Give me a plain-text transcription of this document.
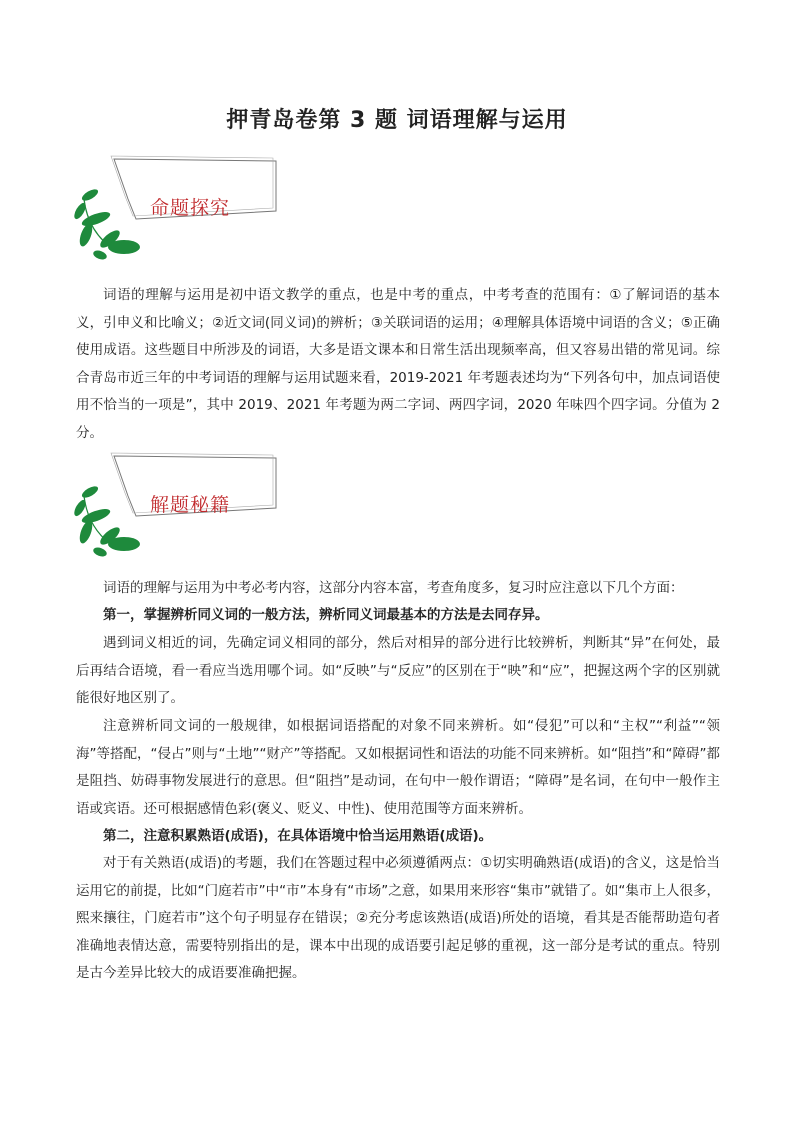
押青岛卷第 3 题 词语理解与运用
命题探究

词语的理解与运用是初中语文教学的重点，也是中考的重点，中考考查的范围有：①了解词语的基本义，引申义和比喻义；②近文词(同义词)的辨析；③关联词语的运用；④理解具体语境中词语的含义；⑤正确使用成语。这些题目中所涉及的词语，大多是语文课本和日常生活出现频率高，但又容易出错的常见词。综合青岛市近三年的中考词语的理解与运用试题来看，2019-2021 年考题表述均为“下列各句中，加点词语使用不恰当的一项是”，其中 2019、2021 年考题为两二字词、两四字词，2020 年味四个四字词。分值为 2 分。

解题秘籍

词语的理解与运用为中考必考内容，这部分内容本富，考查角度多，复习时应注意以下几个方面：

第一，掌握辨析同义词的一般方法，辨析同义词最基本的方法是去同存异。

遇到词义相近的词，先确定词义相同的部分，然后对相异的部分进行比较辨析，判断其“异”在何处，最后再结合语境，看一看应当选用哪个词。如“反映”与“反应”的区别在于“映”和“应”，把握这两个字的区别就能很好地区别了。

注意辨析同文词的一般规律，如根据词语搭配的对象不同来辨析。如“侵犯”可以和“主权”“利益”“领海”等搭配，“侵占”则与“土地”“财产”等搭配。又如根据词性和语法的功能不同来辨析。如“阻挡”和“障碍”都是阻挡、妨碍事物发展进行的意思。但“阻挡”是动词，在句中一般作谓语；“障碍”是名词，在句中一般作主语或宾语。还可根据感情色彩(褒义、贬义、中性)、使用范围等方面来辨析。

第二，注意积累熟语(成语)，在具体语境中恰当运用熟语(成语)。

对于有关熟语(成语)的考题，我们在答题过程中必须遵循两点：①切实明确熟语(成语)的含义，这是恰当运用它的前提，比如“门庭若市”中“市”本身有“市场”之意，如果用来形容“集市”就错了。如“集市上人很多，熙来攘往，门庭若市”这个句子明显存在错误；②充分考虑该熟语(成语)所处的语境，看其是否能帮助造句者准确地表情达意，需要特别指出的是，课本中出现的成语要引起足够的重视，这一部分是考试的重点。特别是古今差异比较大的成语要准确把握。
